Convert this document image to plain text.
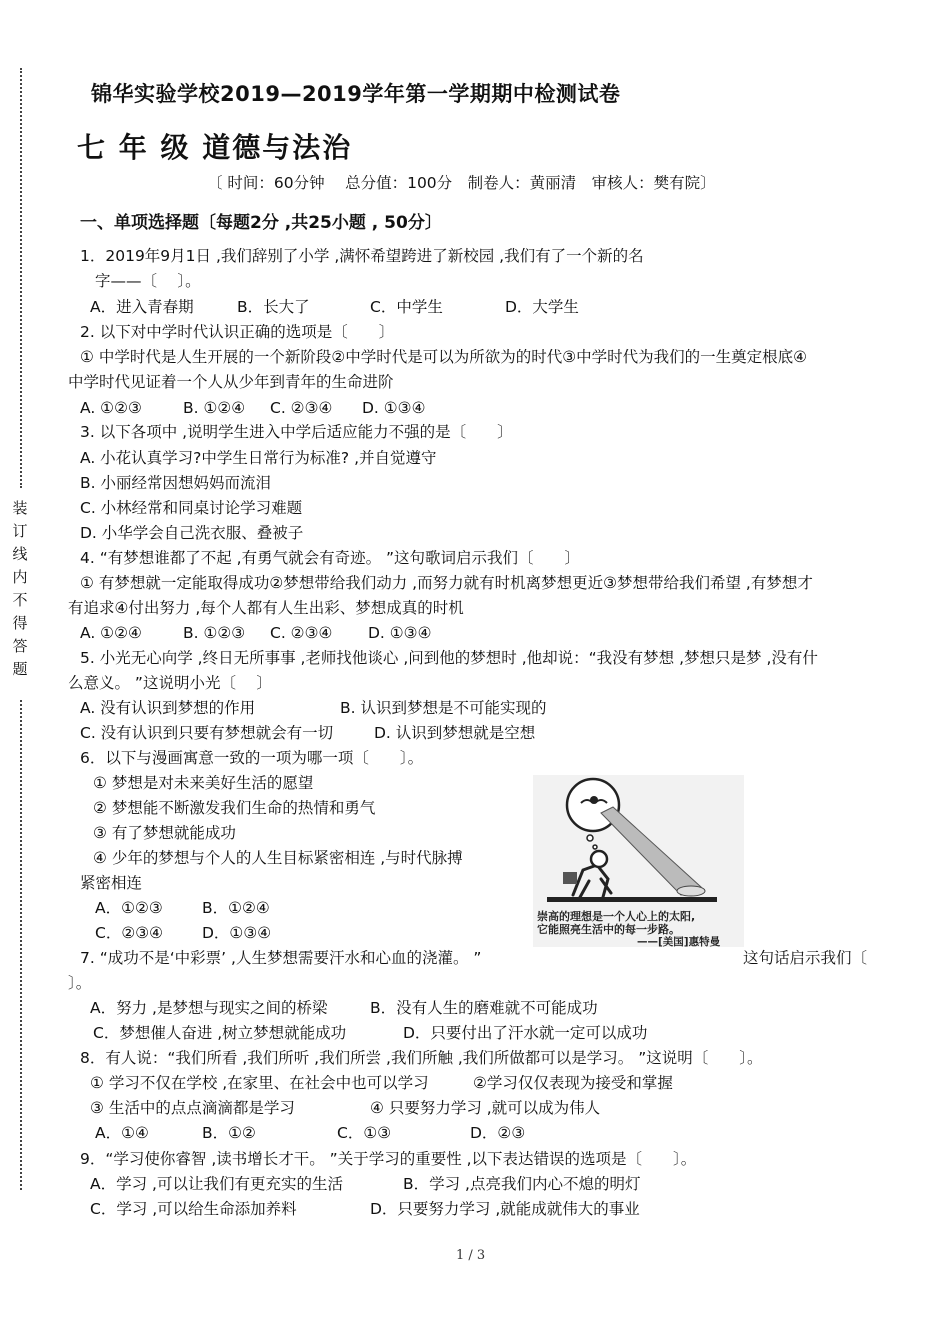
装
订
线
内
不
得
答
题
锦华实验学校2019—2019学年第一学期期中检测试卷
七 年 级 道德与法治
〔 时间：60分钟　 总分值：100分　制卷人：黄丽清　审核人：樊有院〕
一、单项选择题〔每题2分 ,共25小题 , 50分〕
1．2019年9月1日 ,我们辞别了小学 ,满怀希望跨进了新校园 ,我们有了一个新的名
字——〔　 〕。
A．进入青春期	B．长大了	C．中学生	D．大学生
2. 以下对中学时代认识正确的选项是〔　　〕
① 中学时代是人生开展的一个新阶段②中学时代是可以为所欲为的时代③中学时代为我们的一生奠定根底④
中学时代见证着一个人从少年到青年的生命进阶
A. ①②③	B. ①②④ C. ②③④ D. ①③④
3. 以下各项中 ,说明学生进入中学后适应能力不强的是〔　　〕
A. 小花认真学习?中学生日常行为标准? ,并自觉遵守
B. 小丽经常因想妈妈而流泪
C. 小林经常和同桌讨论学习难题
D. 小华学会自己洗衣服、叠被子
4. “有梦想谁都了不起 ,有勇气就会有奇迹。 ”这句歌词启示我们〔　　〕
① 有梦想就一定能取得成功②梦想带给我们动力 ,而努力就有时机离梦想更近③梦想带给我们希望 ,有梦想才
有追求④付出努力 ,每个人都有人生出彩、梦想成真的时机
A. ①②④	B. ①②③ C. ②③④ D. ①③④
5. 小光无心向学 ,终日无所事事 ,老师找他谈心 ,问到他的梦想时 ,他却说：“我没有梦想 ,梦想只是梦 ,没有什
么意义。 ”这说明小光〔　 〕
A. 没有认识到梦想的作用	B. 认识到梦想是不可能实现的
C. 没有认识到只要有梦想就会有一切	D. 认识到梦想就是空想
6．以下与漫画寓意一致的一项为哪一项〔　　〕。
① 梦想是对未来美好生活的愿望
② 梦想能不断激发我们生命的热情和勇气
③ 有了梦想就能成功
④ 少年的梦想与个人的人生目标紧密相连 ,与时代脉搏
紧密相连
A．①②③	B．①②④
C．②③④	D．①③④
崇高的理想是一个人心上的太阳,
它能照亮生活中的每一步路。
——[美国]惠特曼
7. “成功不是‘中彩票’ ,人生梦想需要汗水和心血的浇灌。 ”	这句话启示我们〔
〕。
A．努力 ,是梦想与现实之间的桥梁	B．没有人生的磨难就不可能成功
C．梦想催人奋进 ,树立梦想就能成功	D．只要付出了汗水就一定可以成功
8．有人说：“我们所看 ,我们所听 ,我们所尝 ,我们所触 ,我们所做都可以是学习。 ”这说明〔　　〕。
① 学习不仅在学校 ,在家里、在社会中也可以学习	②学习仅仅表现为接受和掌握
③ 生活中的点点滴滴都是学习	④ 只要努力学习 ,就可以成为伟人
A．①④	B．①②	C．①③	D．②③
9．“学习使你睿智 ,读书增长才干。 ”关于学习的重要性 ,以下表达错误的选项是〔　　〕。
A．学习 ,可以让我们有更充实的生活	B．学习 ,点亮我们内心不熄的明灯
C．学习 ,可以给生命添加养料	D．只要努力学习 ,就能成就伟大的事业
1 / 3
